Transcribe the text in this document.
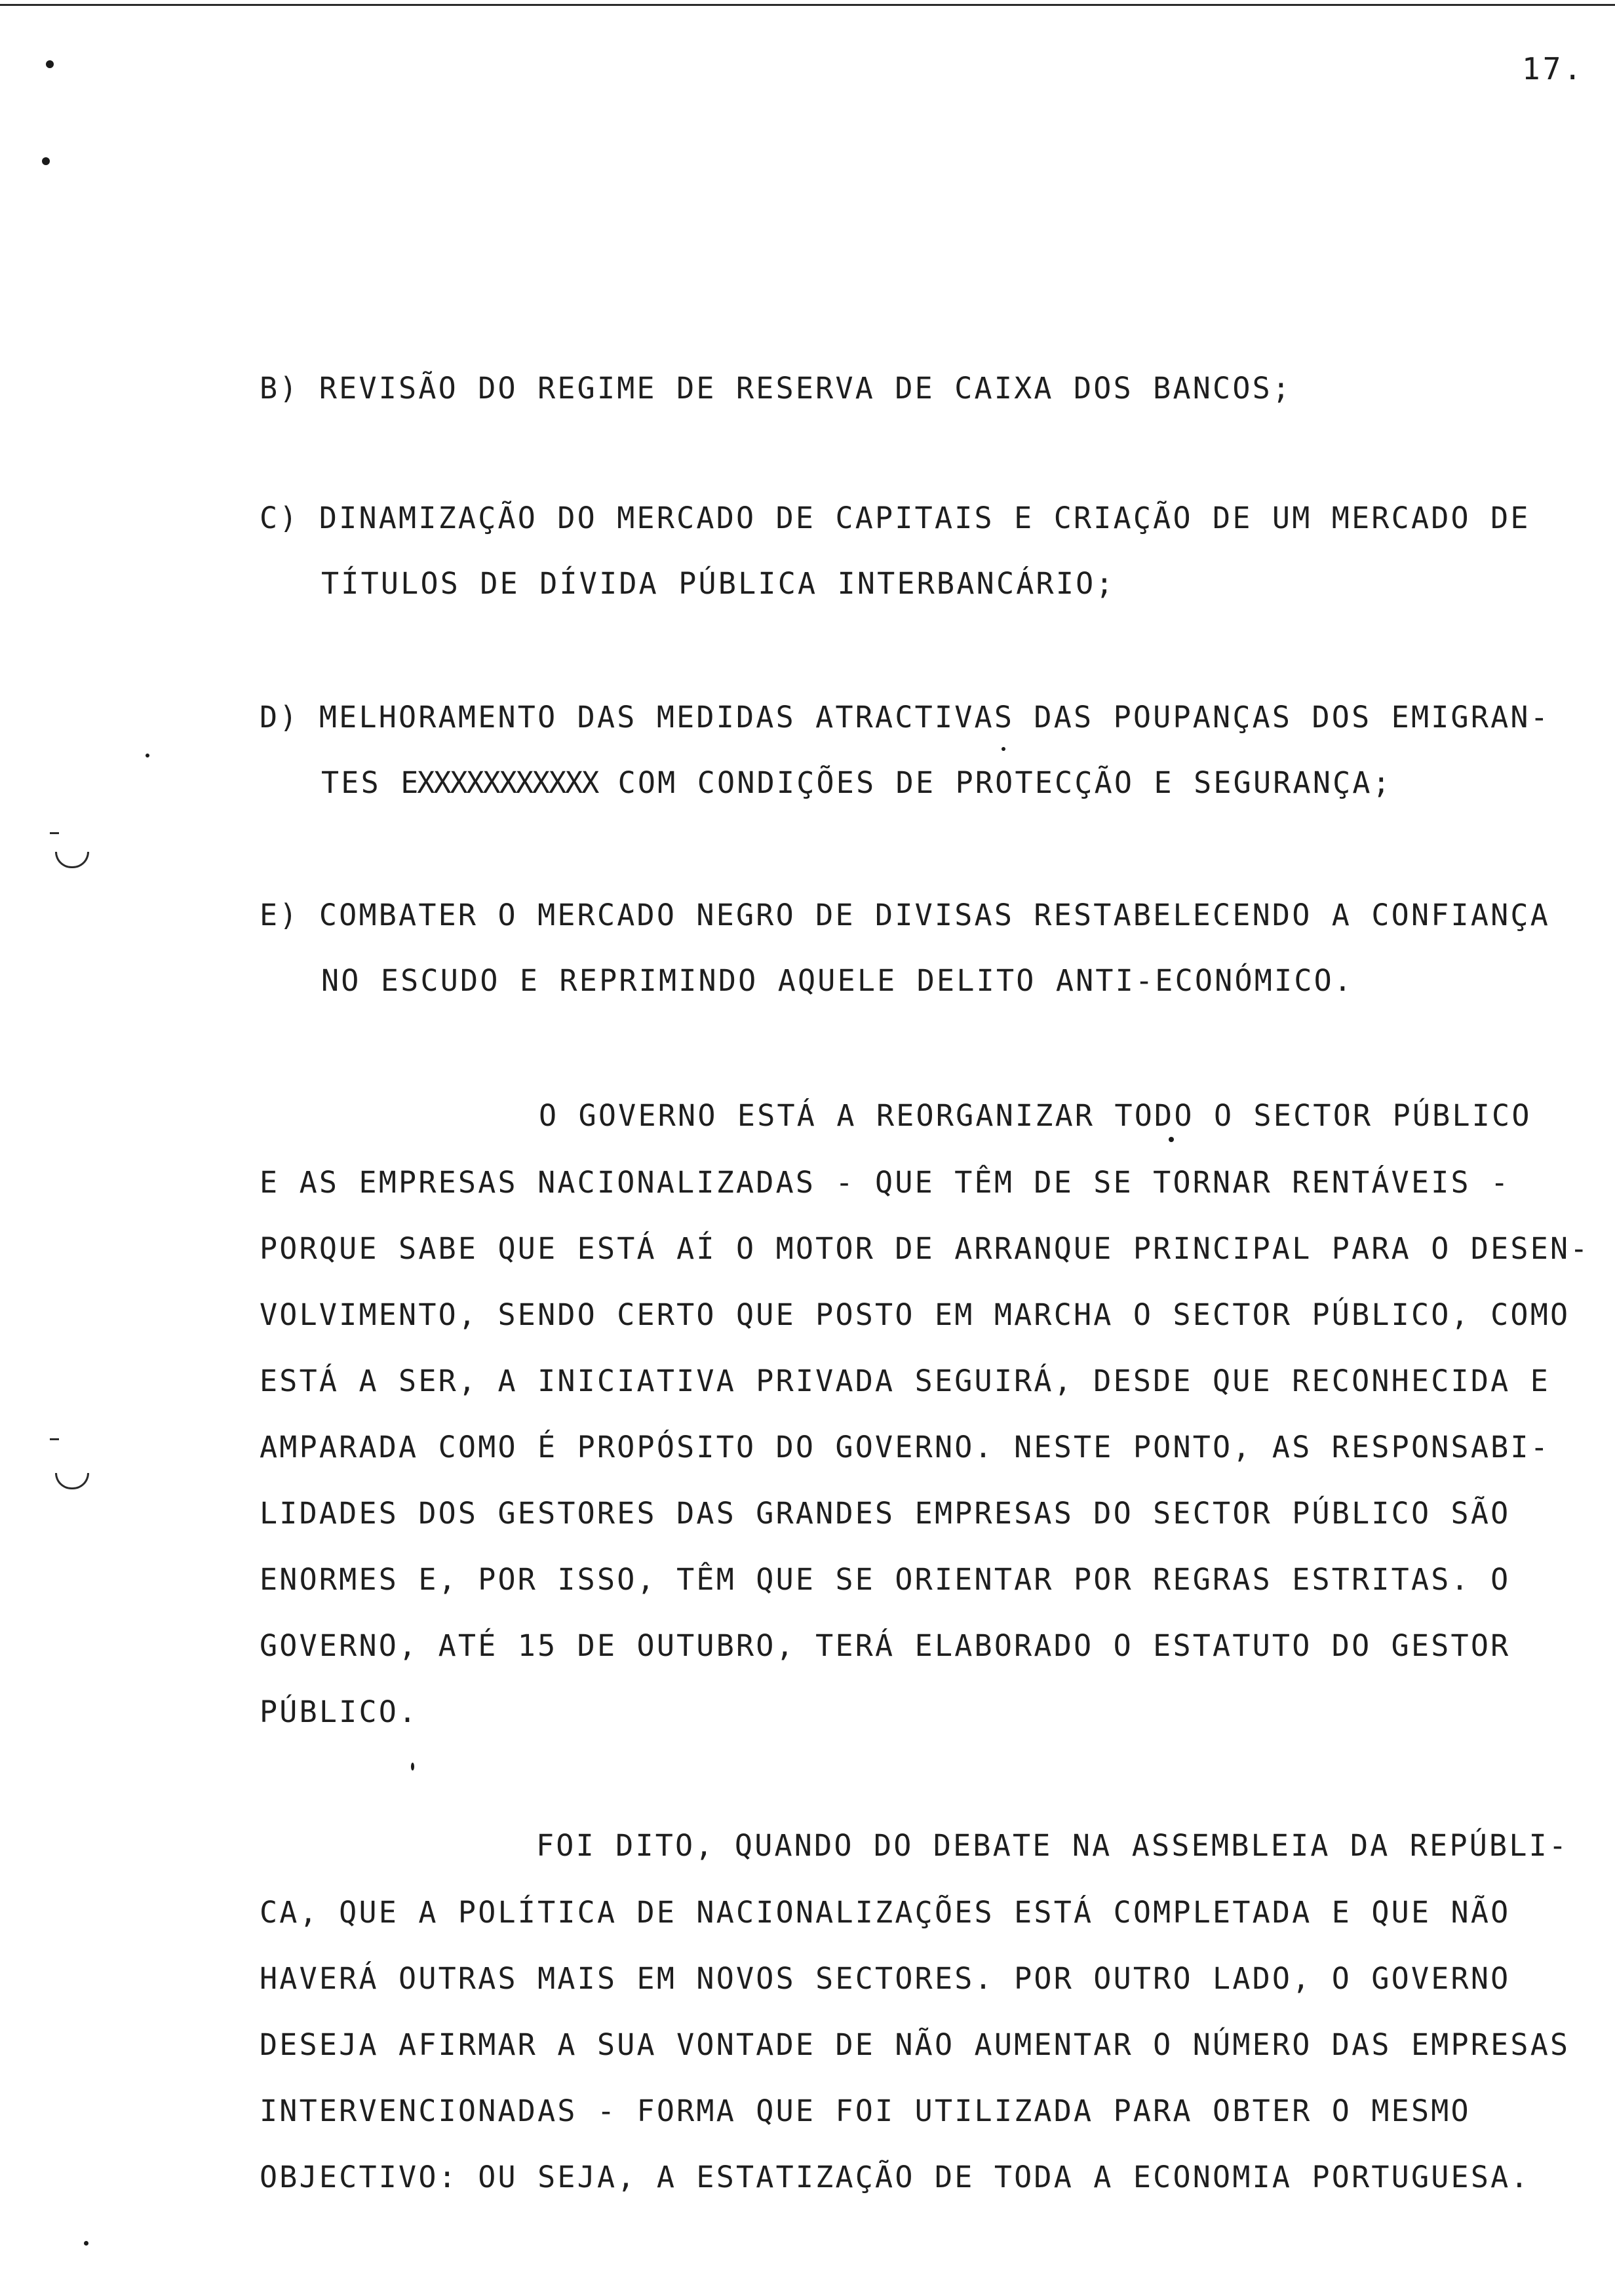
17.
B) REVISÃO DO REGIME DE RESERVA DE CAIXA DOS BANCOS;
C) DINAMIZAÇÃO DO MERCADO DE CAPITAIS E CRIAÇÃO DE UM MERCADO DE
TÍTULOS DE DÍVIDA PÚBLICA INTERBANCÁRIO;
D) MELHORAMENTO DAS MEDIDAS ATRACTIVAS DAS POUPANÇAS DOS EMIGRAN-
TES EXXXXXXXXXXX COM CONDIÇÕES DE PROTECÇÃO E SEGURANÇA;
E) COMBATER O MERCADO NEGRO DE DIVISAS RESTABELECENDO A CONFIANÇA
NO ESCUDO E REPRIMINDO AQUELE DELITO ANTI-ECONÓMICO.
O GOVERNO ESTÁ A REORGANIZAR TODO O SECTOR PÚBLICO
E AS EMPRESAS NACIONALIZADAS - QUE TÊM DE SE TORNAR RENTÁVEIS -
PORQUE SABE QUE ESTÁ AÍ O MOTOR DE ARRANQUE PRINCIPAL PARA O DESEN-
VOLVIMENTO, SENDO CERTO QUE POSTO EM MARCHA O SECTOR PÚBLICO, COMO
ESTÁ A SER, A INICIATIVA PRIVADA SEGUIRÁ, DESDE QUE RECONHECIDA E
AMPARADA COMO É PROPÓSITO DO GOVERNO. NESTE PONTO, AS RESPONSABI-
LIDADES DOS GESTORES DAS GRANDES EMPRESAS DO SECTOR PÚBLICO SÃO
ENORMES E, POR ISSO, TÊM QUE SE ORIENTAR POR REGRAS ESTRITAS. O
GOVERNO, ATÉ 15 DE OUTUBRO, TERÁ ELABORADO O ESTATUTO DO GESTOR
PÚBLICO.
FOI DITO, QUANDO DO DEBATE NA ASSEMBLEIA DA REPÚBLI-
CA, QUE A POLÍTICA DE NACIONALIZAÇÕES ESTÁ COMPLETADA E QUE NÃO
HAVERÁ OUTRAS MAIS EM NOVOS SECTORES. POR OUTRO LADO, O GOVERNO
DESEJA AFIRMAR A SUA VONTADE DE NÃO AUMENTAR O NÚMERO DAS EMPRESAS
INTERVENCIONADAS - FORMA QUE FOI UTILIZADA PARA OBTER O MESMO
OBJECTIVO: OU SEJA, A ESTATIZAÇÃO DE TODA A ECONOMIA PORTUGUESA.
